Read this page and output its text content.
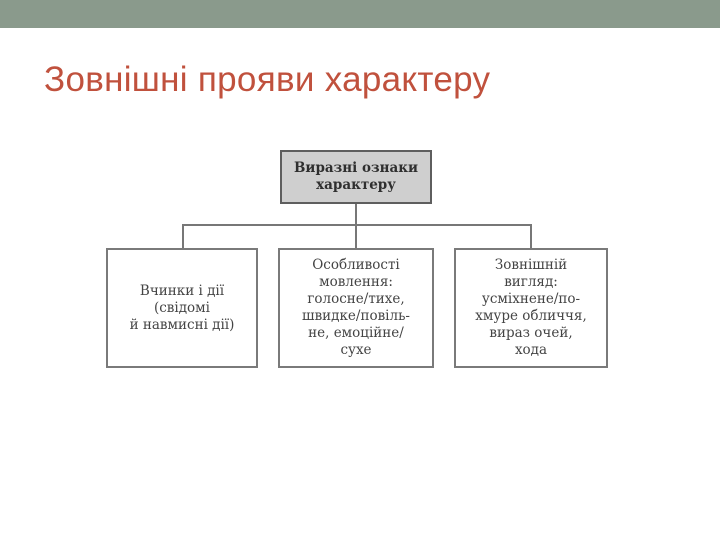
Зовнішні прояви характеру
Виразні ознаки
характеру
Вчинки і дії
(свідомі
й навмисні дії)
Особливості
мовлення:
голосне/тихе,
швидке/повіль-
не, емоційне/
сухе
Зовнішній
вигляд:
усміхнене/по-
хмуре обличчя,
вираз очей,
хода
